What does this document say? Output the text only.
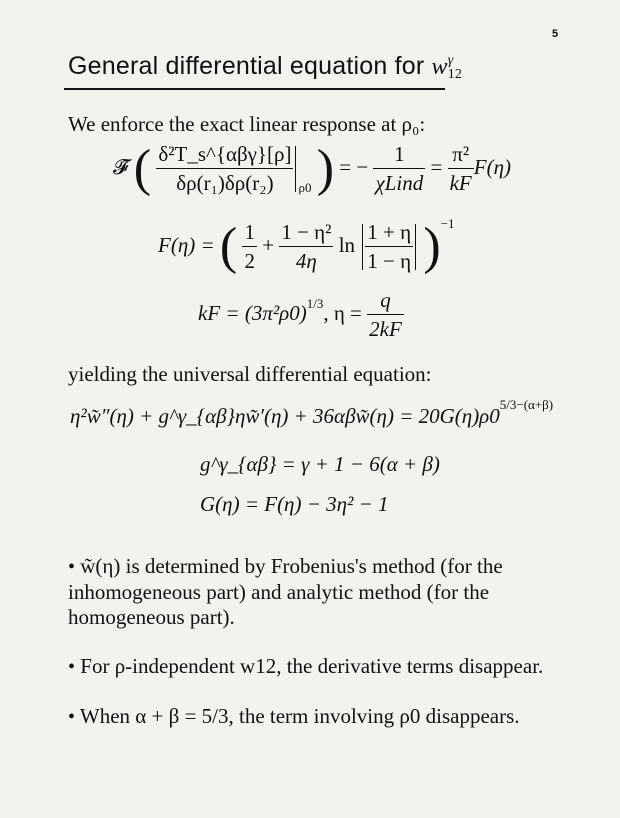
5
General differential equation for w γ
12
We enforce the exact linear response at ρ₀:
𝓕̂ ( $\frac{\text{δ²T\_s\textasciicircum{}\{αβγ\}[ρ]}}{\text{δρ(r₁)δρ(r₂)}} _{\rho 0}$ ) = − $\frac{1}{\text{χLind}} = \frac{\text{π²}}{kF} F(\eta)$
F(η) = ( $\frac{1}{2} + \frac{\text{1 − η²}}{4\eta}$ $\ln \frac{1 + \eta}{1 - \eta} )^{-1}$
kF = $(3\pi^2\rho 0)^{1/3}$, $\eta = \frac{q}{2kF}$
yielding the universal differential equation:
η²w̃″(η) + g^γ_{αβ}ηw̃′(η) + 36αβw̃(η) = $20G(\eta)\rho 0^{5/3-(\alpha+\beta)}$
g^γ_{αβ} = γ + 1 − 6(α + β)
G(η) = F(η) − 3η² − 1
• w̃(η) is determined by Frobenius's method (for the inhomogeneous part) and analytic method (for the homogeneous part).
• For ρ-independent w12, the derivative terms disappear.
• When α + β = 5/3, the term involving ρ0 disappears.
